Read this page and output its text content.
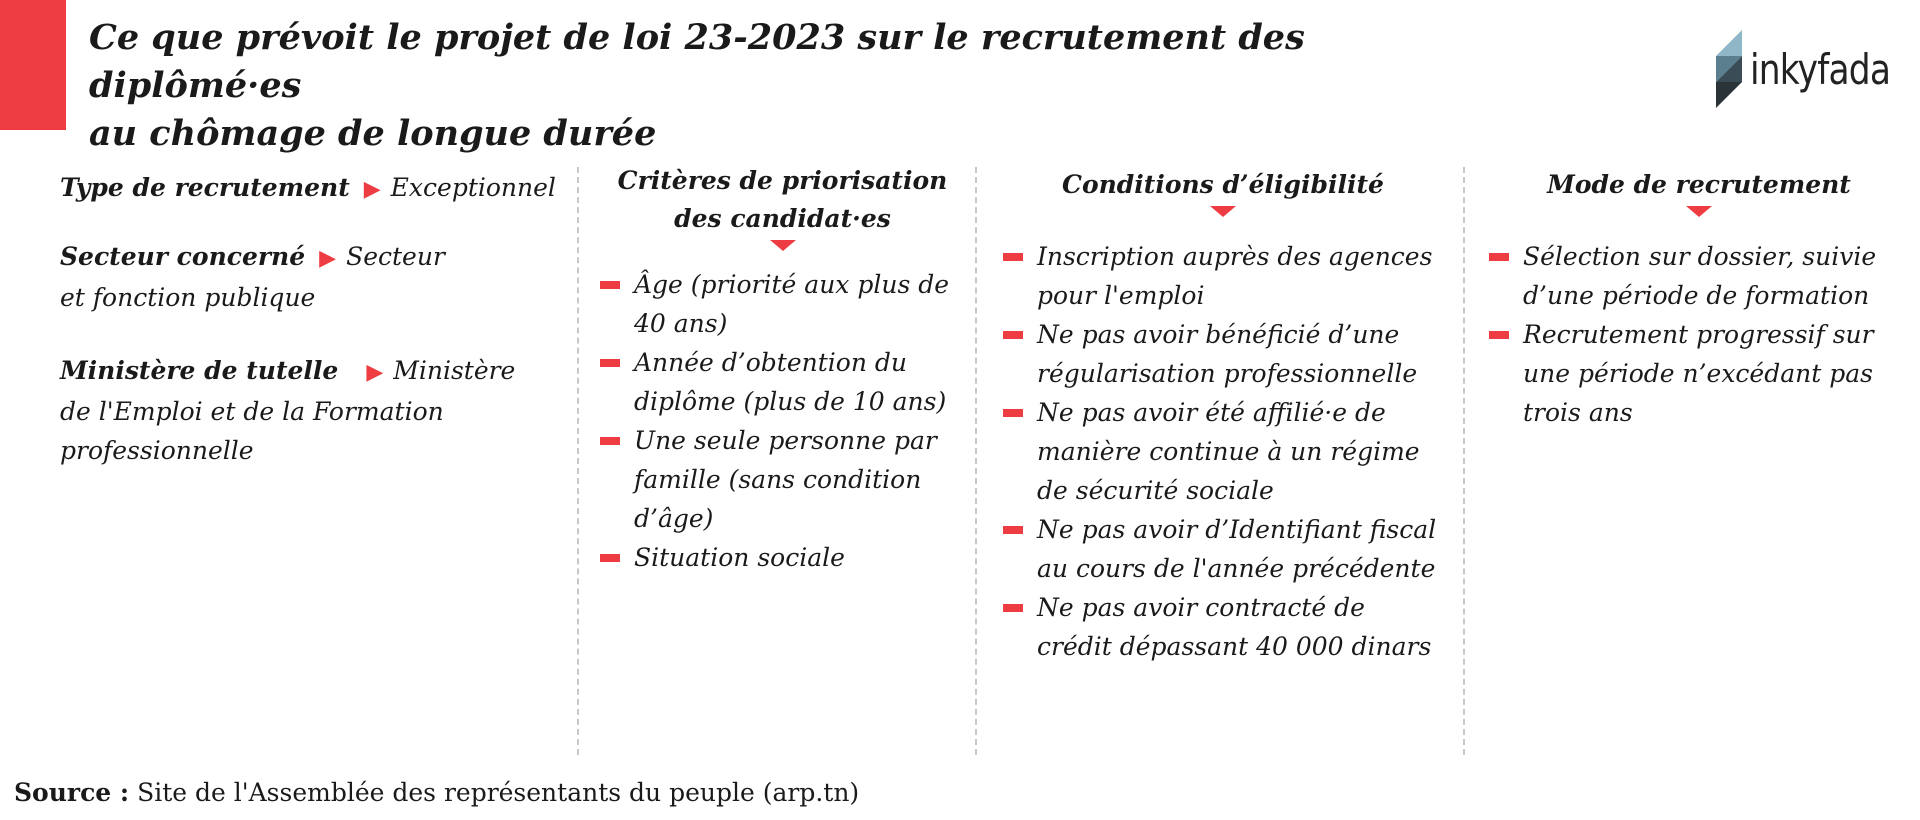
Ce que prévoit le projet de loi 23-2023 sur le recrutement des diplômé·es
au chômage de longue durée
inkyfada
Type de recrutement ▶ Exceptionnel
Secteur concerné ▶ Secteur
et fonction publique
Ministère de tutelle ▶ Ministère
de l'Emploi et de la Formation professionnelle
Critères de priorisation
des candidat·es
Âge (priorité aux plus de 40 ans)
Année d’obtention du diplôme (plus de 10 ans)
Une seule personne par famille (sans condition d’âge)
Situation sociale
Conditions d’éligibilité
Inscription auprès des agences pour l'emploi
Ne pas avoir bénéficié d’une régularisation professionnelle
Ne pas avoir été affilié·e de manière continue à un régime de sécurité sociale
Ne pas avoir d’Identifiant fiscal au cours de l'année précédente
Ne pas avoir contracté de crédit dépassant 40 000 dinars
Mode de recrutement
Sélection sur dossier, suivie d’une période de formation
Recrutement progressif sur une période n’excédant pas trois ans
Source : Site de l'Assemblée des représentants du peuple (arp.tn)
